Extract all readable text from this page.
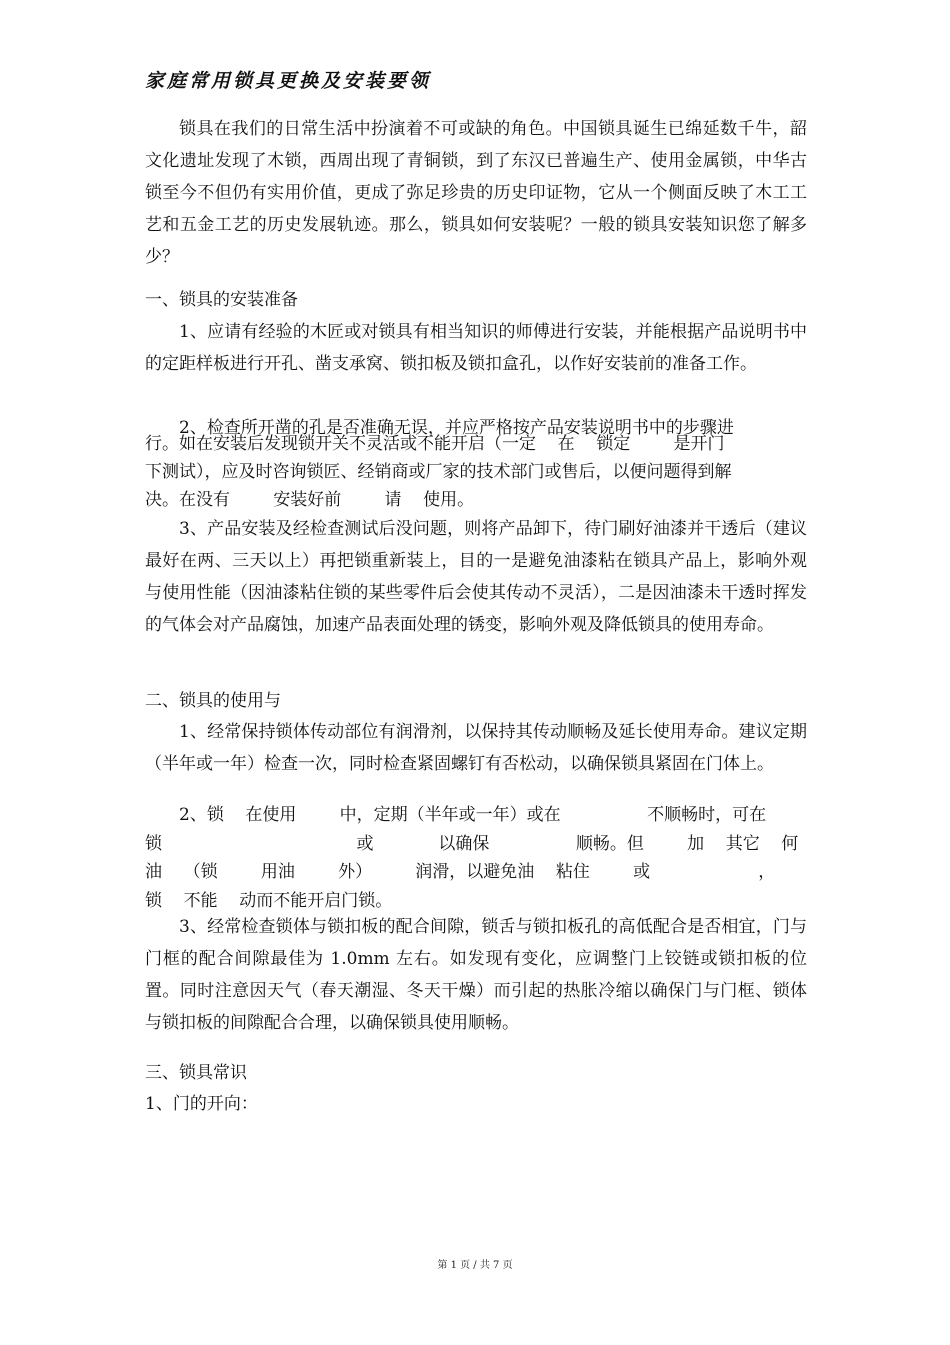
家庭常用锁具更换及安装要领

锁具在我们的日常生活中扮演着不可或缺的角色。中国锁具诞生已绵延数千牛，韶文化遗址发现了木锁，西周出现了青铜锁，到了东汉已普遍生产、使用金属锁，中华古锁至今不但仍有实用价值，更成了弥足珍贵的历史印证物，它从一个侧面反映了木工工艺和五金工艺的历史发展轨迹。那么，锁具如何安装呢？一般的锁具安装知识您了解多少？

一、锁具的安装准备

1、应请有经验的木匠或对锁具有相当知识的师傅进行安装，并能根据产品说明书中的定距样板进行开孔、凿支承窝、锁扣板及锁扣盒孔，以作好安装前的准备工作。

2、检查所开凿的孔是否准确无误，并应严格按产品安装说明书中的步骤进

行。如在安装后发现锁开关不灵活或不能开启（一定    在    锁定        是开门

下测试），应及时咨询锁匠、经销商或厂家的技术部门或售后，以便问题得到解

决。在没有        安装好前        请    使用。

3、产品安装及经检查测试后没问题，则将产品卸下，待门刷好油漆并干透后（建议最好在两、三天以上）再把锁重新装上，目的一是避免油漆粘在锁具产品上，影响外观与使用性能（因油漆粘住锁的某些零件后会使其传动不灵活），二是因油漆未干透时挥发的气体会对产品腐蚀，加速产品表面处理的锈变，影响外观及降低锁具的使用寿命。

二、锁具的使用与

1、经常保持锁体传动部位有润滑剂，以保持其传动顺畅及延长使用寿命。建议定期（半年或一年）检查一次，同时检查紧固螺钉有否松动，以确保锁具紧固在门体上。

2、锁    在使用        中，定期（半年或一年）或在                不顺畅时，可在

锁                                    或            以确保                顺畅。但        加    其它    何

油    （锁        用油        外）        润滑，以避免油    粘住        或                    ，

锁    不能    动而不能开启门锁。

3、经常检查锁体与锁扣板的配合间隙，锁舌与锁扣板孔的高低配合是否相宜，门与门框的配合间隙最佳为 1.0mm 左右。如发现有变化，应调整门上铰链或锁扣板的位置。同时注意因天气（春天潮湿、冬天干燥）而引起的热胀冷缩以确保门与门框、锁体与锁扣板的间隙配合合理，以确保锁具使用顺畅。

三、锁具常识

1、门的开向：

第 1 页 / 共 7 页
